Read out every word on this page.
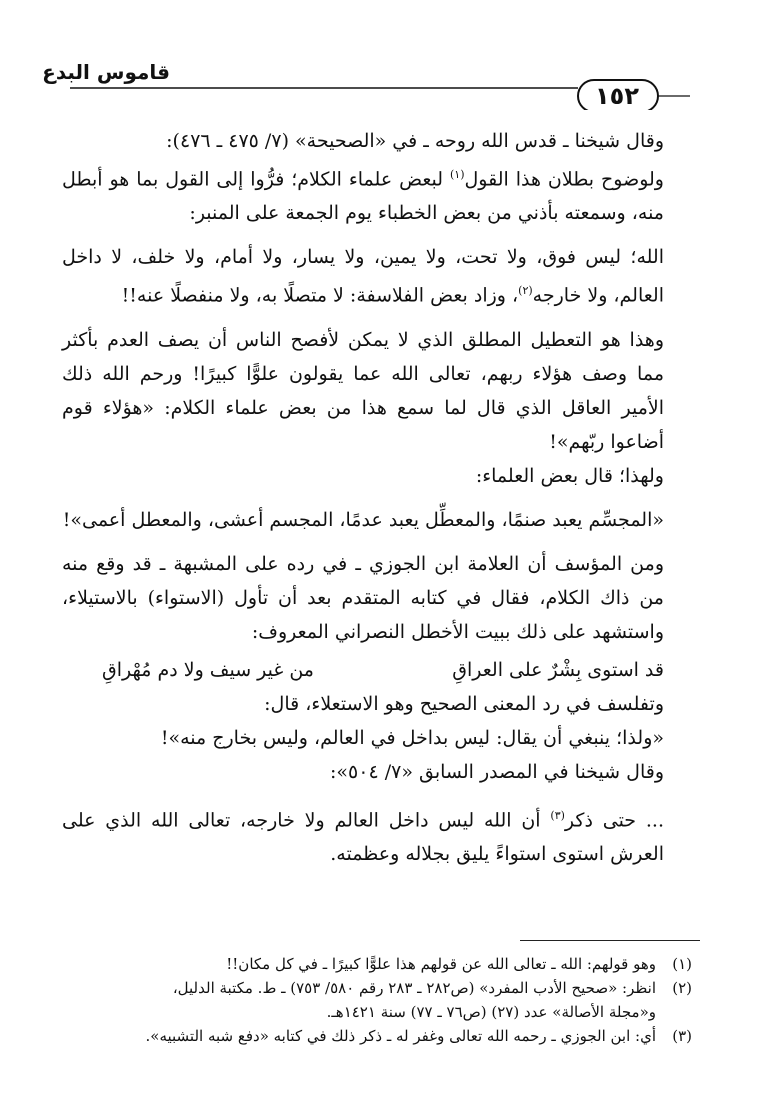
قاموس البدع
١٥٢

وقال شيخنا ـ قدس الله روحه ـ في «الصحيحة» (٧/ ٤٧٥ ـ ٤٧٦):

ولوضوح بطلان هذا القول$^{(١)}$ لبعض علماء الكلام؛ فرُّوا إلى القول بما هو أبطل منه، وسمعته بأذني من بعض الخطباء يوم الجمعة على المنبر:

الله؛ ليس فوق، ولا تحت، ولا يمين، ولا يسار، ولا أمام، ولا خلف، لا داخل العالم، ولا خارجه$^{(٢)}$، وزاد بعض الفلاسفة: لا متصلًا به، ولا منفصلًا عنه!!

وهذا هو التعطيل المطلق الذي لا يمكن لأفصح الناس أن يصف العدم بأكثر مما وصف هؤلاء ربهم، تعالى الله عما يقولون علوًّا كبيرًا! ورحم الله ذلك الأمير العاقل الذي قال لما سمع هذا من بعض علماء الكلام: «هؤلاء قوم أضاعوا ربّهم»!

ولهذا؛ قال بعض العلماء:

«المجسِّم يعبد صنمًا، والمعطِّل يعبد عدمًا، المجسم أعشى، والمعطل أعمى»!

ومن المؤسف أن العلامة ابن الجوزي ـ في رده على المشبهة ـ قد وقع منه من ذاك الكلام، فقال في كتابه المتقدم بعد أن تأول (الاستواء) بالاستيلاء، واستشهد على ذلك ببيت الأخطل النصراني المعروف:

قد استوى بِشْرٌ على العراقِ
من غير سيف ولا دم مُهْراقِ

وتفلسف في رد المعنى الصحيح وهو الاستعلاء، قال:

«ولذا؛ ينبغي أن يقال: ليس بداخل في العالم، وليس بخارج منه»!

وقال شيخنا في المصدر السابق «٧/ ٥٠٤»:

... حتى ذكر$^{(٣)}$ أن الله ليس داخل العالم ولا خارجه، تعالى الله الذي على العرش استوى استواءً يليق بجلاله وعظمته.

(١)
وهو قولهم: الله ـ تعالى الله عن قولهم هذا علوًّا كبيرًا ـ في كل مكان!!
(٢)
انظر: «صحيح الأدب المفرد» (ص٢٨٢ ـ ٢٨٣ رقم ٥٨٠/ ٧٥٣) ـ ط. مكتبة الدليل،
و«مجلة الأصالة» عدد (٢٧) (ص٧٦ ـ ٧٧) سنة ١٤٢١هـ.
(٣)
أي: ابن الجوزي ـ رحمه الله تعالى وغفر له ـ ذكر ذلك في كتابه «دفع شبه التشبيه».
